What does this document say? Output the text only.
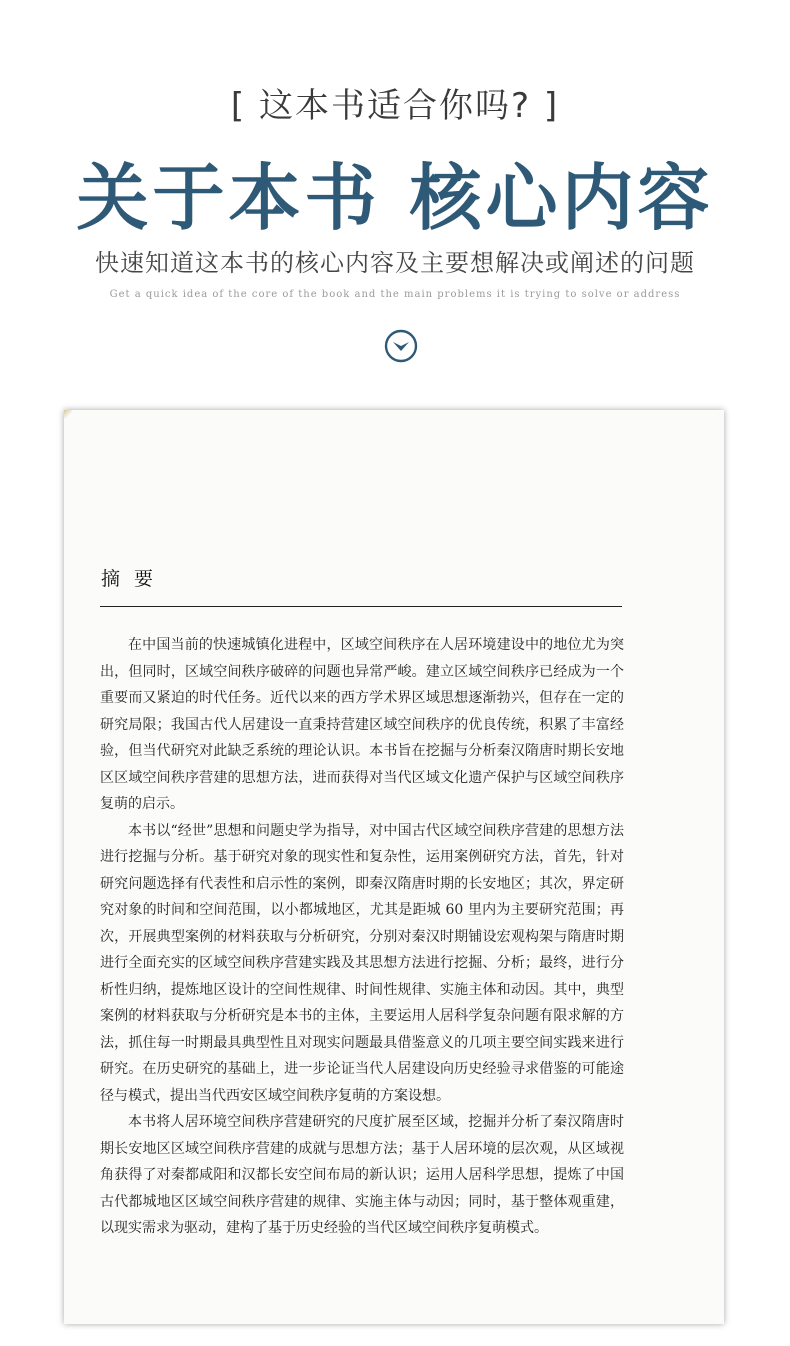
[ 这本书适合你吗? ]
关于本书 核心内容
快速知道这本书的核心内容及主要想解决或阐述的问题
Get a quick idea of the core of the book and the main problems it is trying to solve or address
摘要

在中国当前的快速城镇化进程中，区域空间秩序在人居环境建设中的地位尤为突出，但同时，区域空间秩序破碎的问题也异常严峻。建立区域空间秩序已经成为一个重要而又紧迫的时代任务。近代以来的西方学术界区域思想逐渐勃兴，但存在一定的研究局限；我国古代人居建设一直秉持营建区域空间秩序的优良传统，积累了丰富经验，但当代研究对此缺乏系统的理论认识。本书旨在挖掘与分析秦汉隋唐时期长安地区区域空间秩序营建的思想方法，进而获得对当代区域文化遗产保护与区域空间秩序复萌的启示。

本书以“经世”思想和问题史学为指导，对中国古代区域空间秩序营建的思想方法进行挖掘与分析。基于研究对象的现实性和复杂性，运用案例研究方法，首先，针对研究问题选择有代表性和启示性的案例，即秦汉隋唐时期的长安地区；其次，界定研究对象的时间和空间范围，以小都城地区，尤其是距城 60 里内为主要研究范围；再次，开展典型案例的材料获取与分析研究，分别对秦汉时期铺设宏观构架与隋唐时期进行全面充实的区域空间秩序营建实践及其思想方法进行挖掘、分析；最终，进行分析性归纳，提炼地区设计的空间性规律、时间性规律、实施主体和动因。其中，典型案例的材料获取与分析研究是本书的主体，主要运用人居科学复杂问题有限求解的方法，抓住每一时期最具典型性且对现实问题最具借鉴意义的几项主要空间实践来进行研究。在历史研究的基础上，进一步论证当代人居建设向历史经验寻求借鉴的可能途径与模式，提出当代西安区域空间秩序复萌的方案设想。

本书将人居环境空间秩序营建研究的尺度扩展至区域，挖掘并分析了秦汉隋唐时期长安地区区域空间秩序营建的成就与思想方法；基于人居环境的层次观，从区域视角获得了对秦都咸阳和汉都长安空间布局的新认识；运用人居科学思想，提炼了中国古代都城地区区域空间秩序营建的规律、实施主体与动因；同时，基于整体观重建，以现实需求为驱动，建构了基于历史经验的当代区域空间秩序复萌模式。
